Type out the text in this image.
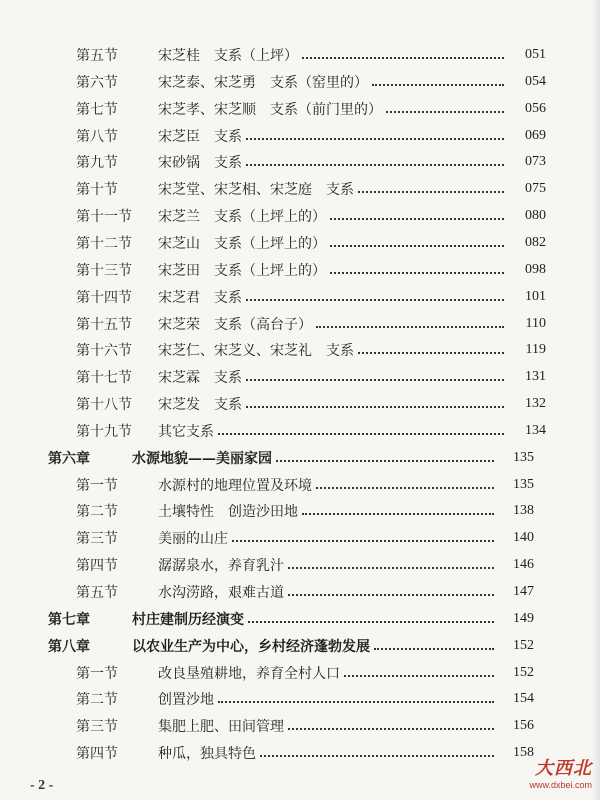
第五节	宋芝桂　支系（上坪）	051
第六节	宋芝泰、宋芝勇　支系（窑里的）	054
第七节	宋芝孝、宋芝顺　支系（前门里的）	056
第八节	宋芝臣　支系	069
第九节	宋砂锅　支系	073
第十节	宋芝堂、宋芝相、宋芝庭　支系	075
第十一节	宋芝兰　支系（上坪上的）	080
第十二节	宋芝山　支系（上坪上的）	082
第十三节	宋芝田　支系（上坪上的）	098
第十四节	宋芝君　支系	101
第十五节	宋芝荣　支系（高台子）	110
第十六节	宋芝仁、宋芝义、宋芝礼　支系	119
第十七节	宋芝霖　支系	131
第十八节	宋芝发　支系	132
第十九节	其它支系	134
第六章	水源地貌——美丽家园	135
第一节	水源村的地理位置及环境	135
第二节	土壤特性　创造沙田地	138
第三节	美丽的山庄	140
第四节	潺潺泉水，养育乳汁	146
第五节	水沟涝路，艰难古道	147
第七章	村庄建制历经演变	149
第八章	以农业生产为中心，乡村经济蓬勃发展	152
第一节	改良垦殖耕地，养育全村人口	152
第二节	创置沙地	154
第三节	集肥上肥、田间管理	156
第四节	种瓜，独具特色	158
- 2 -
大西北
www.dxbei.com
